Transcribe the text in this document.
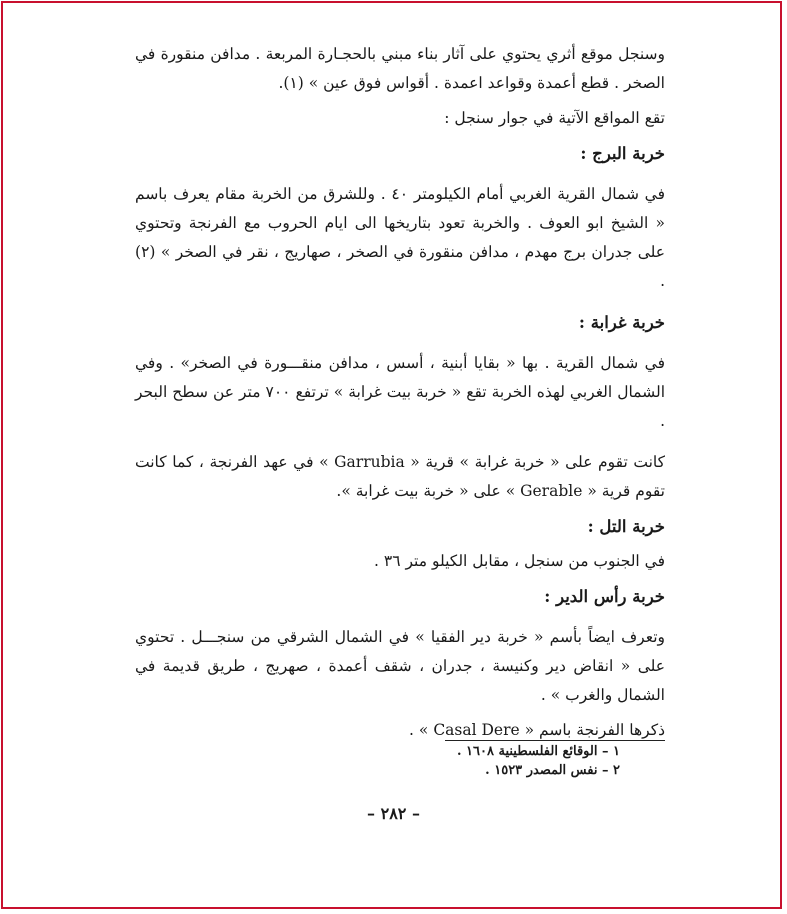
وسنجل موقع أثري يحتوي على آثار بناء مبني بالحجـارة المربعة . مدافن منقورة في الصخر . قطع أعمدة وقواعد اعمدة . أقواس فوق عين » (١).

تقع المواقع الآتية في جوار سنجل :

خربة البرج :

في شمال القرية الغربي أمام الكيلومتر ٤٠ . وللشرق من الخربة مقام يعرف باسم « الشيخ ابو العوف . والخربة تعود بتاريخها الى ايام الحروب مع الفرنجة وتحتوي على جدران برج مهدم ، مدافن منقورة في الصخر ، صهاريج ، نقر في الصخر » (٢) .

خربة غرابة :

في شمال القرية . بها « بقايا أبنية ، أسس ، مدافن منقـــورة في الصخر» . وفي الشمال الغربي لهذه الخربة تقع « خربة بيت غرابة » ترتفع ٧٠٠ متر عن سطح البحر .

كانت تقوم على « خربة غرابة » قرية « Garrubia » في عهد الفرنجة ، كما كانت تقوم قرية « Gerable » على « خربة بيت غرابة ».

خربة التل :

في الجنوب من سنجل ، مقابل الكيلو متر ٣٦ .

خربة رأس الدير :

وتعرف ايضاً بأسم « خربة دير الفقيا » في الشمال الشرقي من سنجـــل . تحتوي على « انقاض دير وكنيسة ، جدران ، شقف أعمدة ، صهريج ، طريق قديمة في الشمال والغرب » .

ذكرها الفرنجة باسم « Casal Dere » .

١ – الوقائع الفلسطينية ١٦٠٨ .

٢ – نفس المصدر ١٥٢٣ .

– ٢٨٢ –
